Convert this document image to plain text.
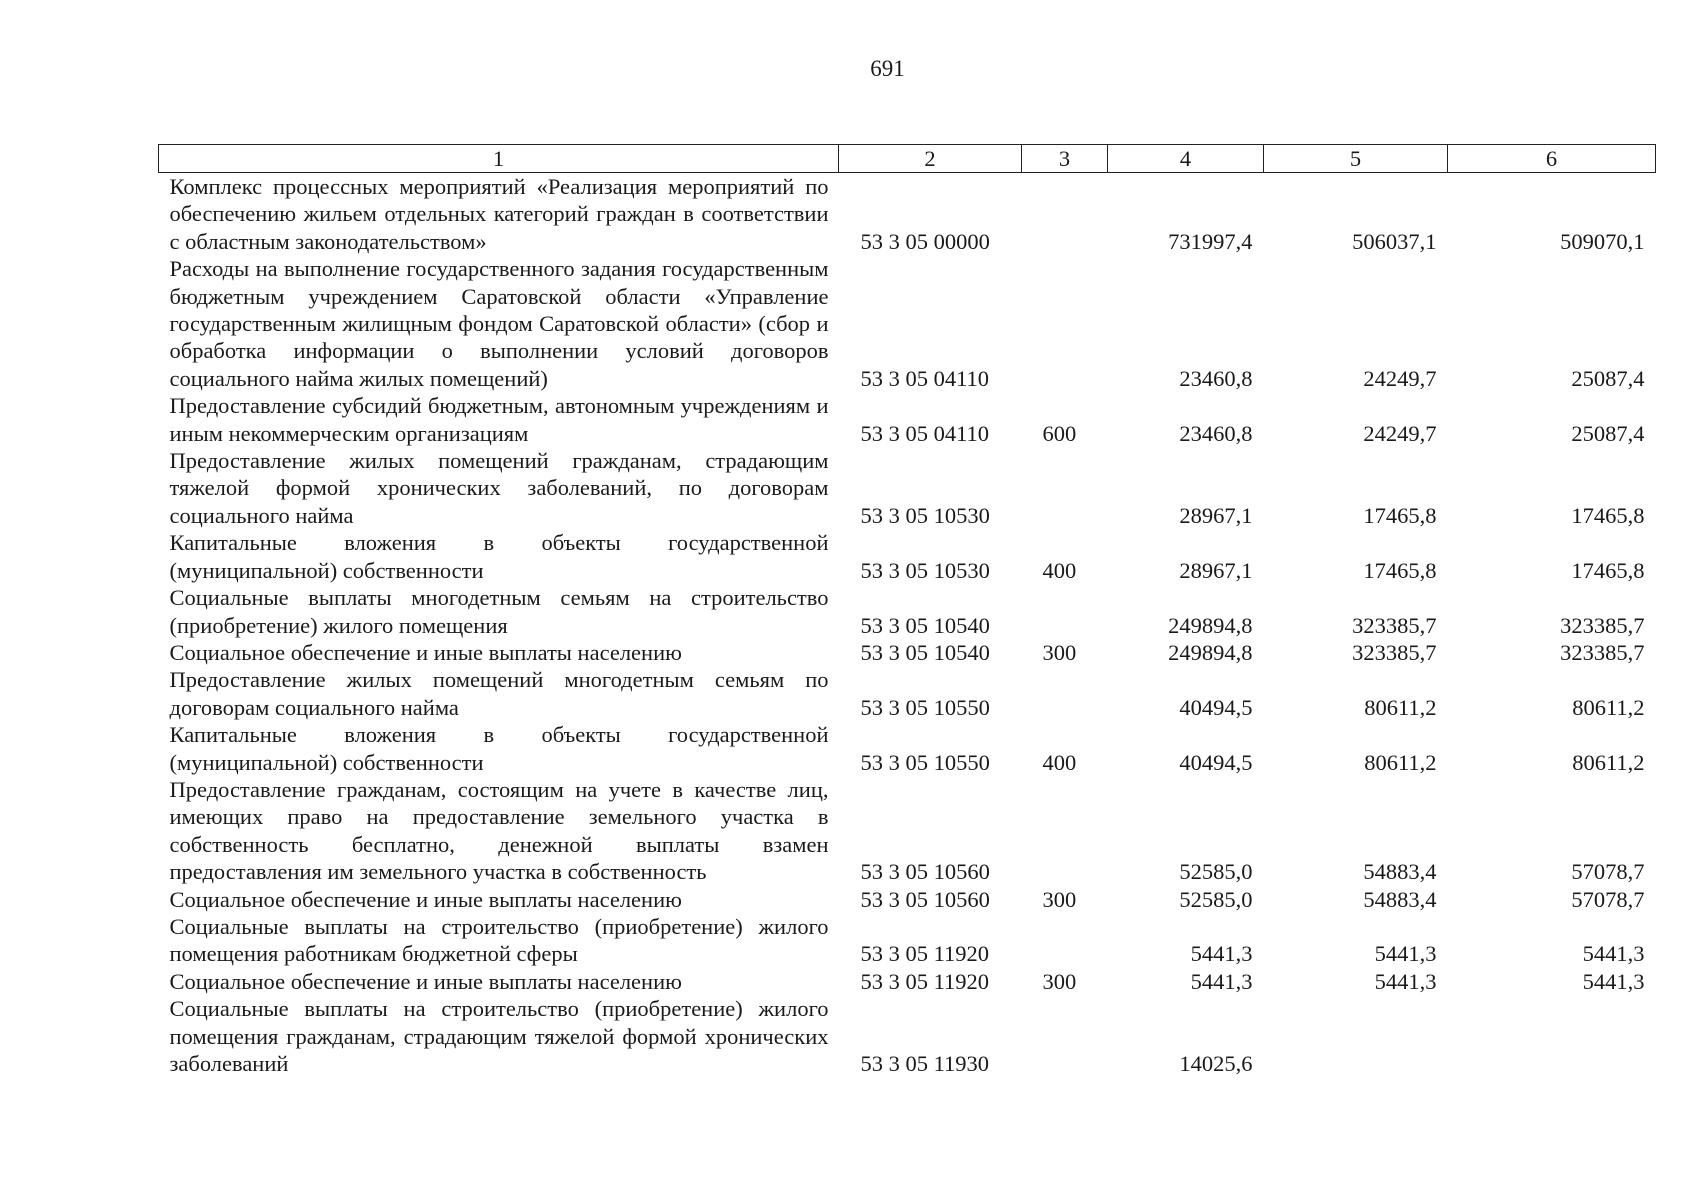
691
1	2	3	4	5	6
Комплекс процессных мероприятий «Реализация мероприятий по обеспечению жильем отдельных категорий граждан в соответствии с областным законодательством»	53 3 05 00000		731997,4	506037,1	509070,1
Расходы на выполнение государственного задания государственным бюджетным учреждением Саратовской области «Управление государственным жилищным фондом Саратовской области» (сбор и обработка информации о выполнении условий договоров социального найма жилых помещений)	53 3 05 04110		23460,8	24249,7	25087,4
Предоставление субсидий бюджетным, автономным учреждениям и иным некоммерческим организациям	53 3 05 04110	600	23460,8	24249,7	25087,4
Предоставление жилых помещений гражданам, страдающим тяжелой формой хронических заболеваний, по договорам социального найма	53 3 05 10530		28967,1	17465,8	17465,8
Капитальные вложения в объекты государственной (муниципальной) собственности	53 3 05 10530	400	28967,1	17465,8	17465,8
Социальные выплаты многодетным семьям на строительство (приобретение) жилого помещения	53 3 05 10540		249894,8	323385,7	323385,7
Социальное обеспечение и иные выплаты населению	53 3 05 10540	300	249894,8	323385,7	323385,7
Предоставление жилых помещений многодетным семьям по договорам социального найма	53 3 05 10550		40494,5	80611,2	80611,2
Капитальные вложения в объекты государственной (муниципальной) собственности	53 3 05 10550	400	40494,5	80611,2	80611,2
Предоставление гражданам, состоящим на учете в качестве лиц, имеющих право на предоставление земельного участка в собственность бесплатно, денежной выплаты взамен предоставления им земельного участка в собственность	53 3 05 10560		52585,0	54883,4	57078,7
Социальное обеспечение и иные выплаты населению	53 3 05 10560	300	52585,0	54883,4	57078,7
Социальные выплаты на строительство (приобретение) жилого помещения работникам бюджетной сферы	53 3 05 11920		5441,3	5441,3	5441,3
Социальное обеспечение и иные выплаты населению	53 3 05 11920	300	5441,3	5441,3	5441,3
Социальные выплаты на строительство (приобретение) жилого помещения гражданам, страдающим тяжелой формой хронических заболеваний	53 3 05 11930		14025,6		
